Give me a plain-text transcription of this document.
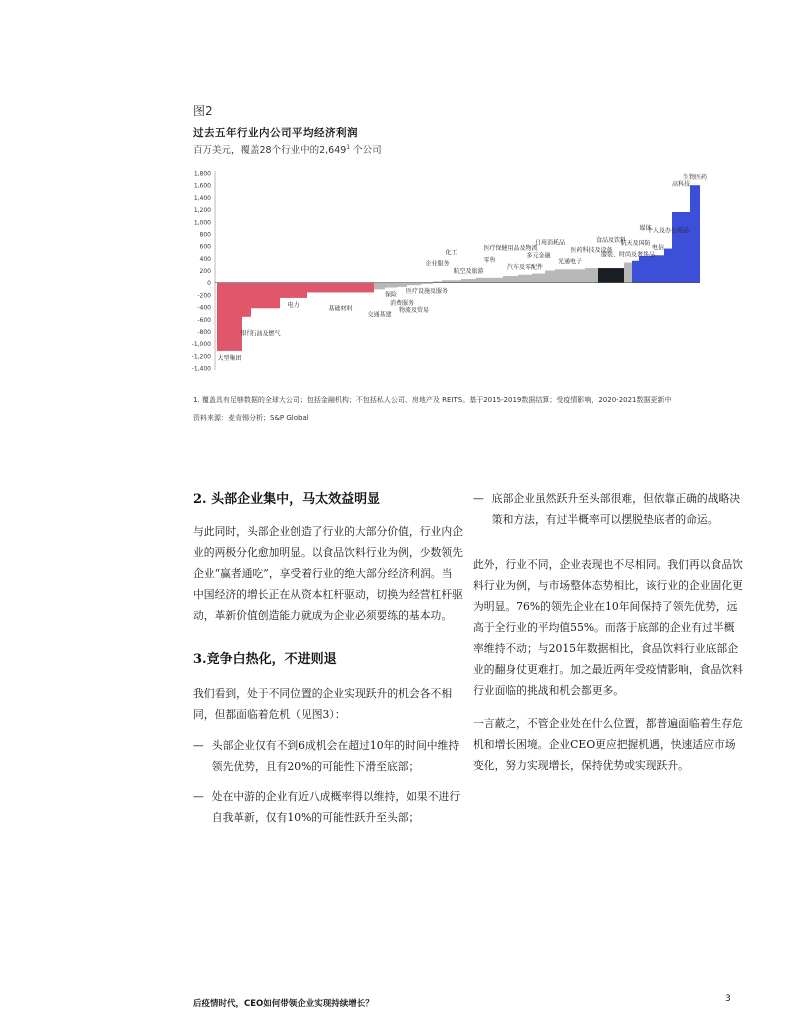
图2
过去五年行业内公司平均经济利润
百万美元，覆盖28个行业中的2,649$^1$ 个公司
1,800
1,600
1,400
1,200
1,000
800
600
400
200
0
-200
-400
-600
-800
-1,000
-1,200
-1,400
大型集团
银行
石油及燃气
电力
基础材料
交通基建
保险
消费服务
物流及贸易
医疗设施及服务
企业服务
化工
航空及旅游
零售
医疗保健用品及物流
汽车及零配件
多元金融
日用消耗品
光通电子
医药科技及设备
食品及饮料
服装、时尚及奢侈品
航天及国防
媒体
电信
个人及办公用品
高科技
生物医药
1. 覆盖具有足够数据的全球大公司；包括金融机构；不包括私人公司、房地产及 REITS。基于2015-2019数据结算；受疫情影响，2020-2021数据更新中
资料来源：麦肯锡分析；S&P Global
2. 头部企业集中，马太效益明显

与此同时，头部企业创造了行业的大部分价值，行业内企业的两极分化愈加明显。以食品饮料行业为例，少数领先企业“赢者通吃”，享受着行业的绝大部分经济利润。当中国经济的增长正在从资本杠杆驱动，切换为经营杠杆驱动，革新价值创造能力就成为企业必须要练的基本功。

3.竞争白热化，不进则退

我们看到，处于不同位置的企业实现跃升的机会各不相同，但都面临着危机（见图3）：

— 头部企业仅有不到6成机会在超过10年的时间中维持领先优势，且有20%的可能性下滑至底部；

— 处在中游的企业有近八成概率得以维持，如果不进行自我革新，仅有10%的可能性跃升至头部；

— 底部企业虽然跃升至头部很难，但依靠正确的战略决策和方法，有过半概率可以摆脱垫底者的命运。

此外，行业不同，企业表现也不尽相同。我们再以食品饮料行业为例，与市场整体态势相比，该行业的企业固化更为明显。76%的领先企业在10年间保持了领先优势，远高于全行业的平均值55%。而落于底部的企业有过半概率维持不动；与2015年数据相比，食品饮料行业底部企业的翻身仗更难打。加之最近两年受疫情影响，食品饮料行业面临的挑战和机会都更多。

一言蔽之，不管企业处在什么位置，都普遍面临着生存危机和增长困境。企业CEO更应把握机遇，快速适应市场变化，努力实现增长，保持优势或实现跃升。

后疫情时代，CEO如何带领企业实现持续增长？	3
